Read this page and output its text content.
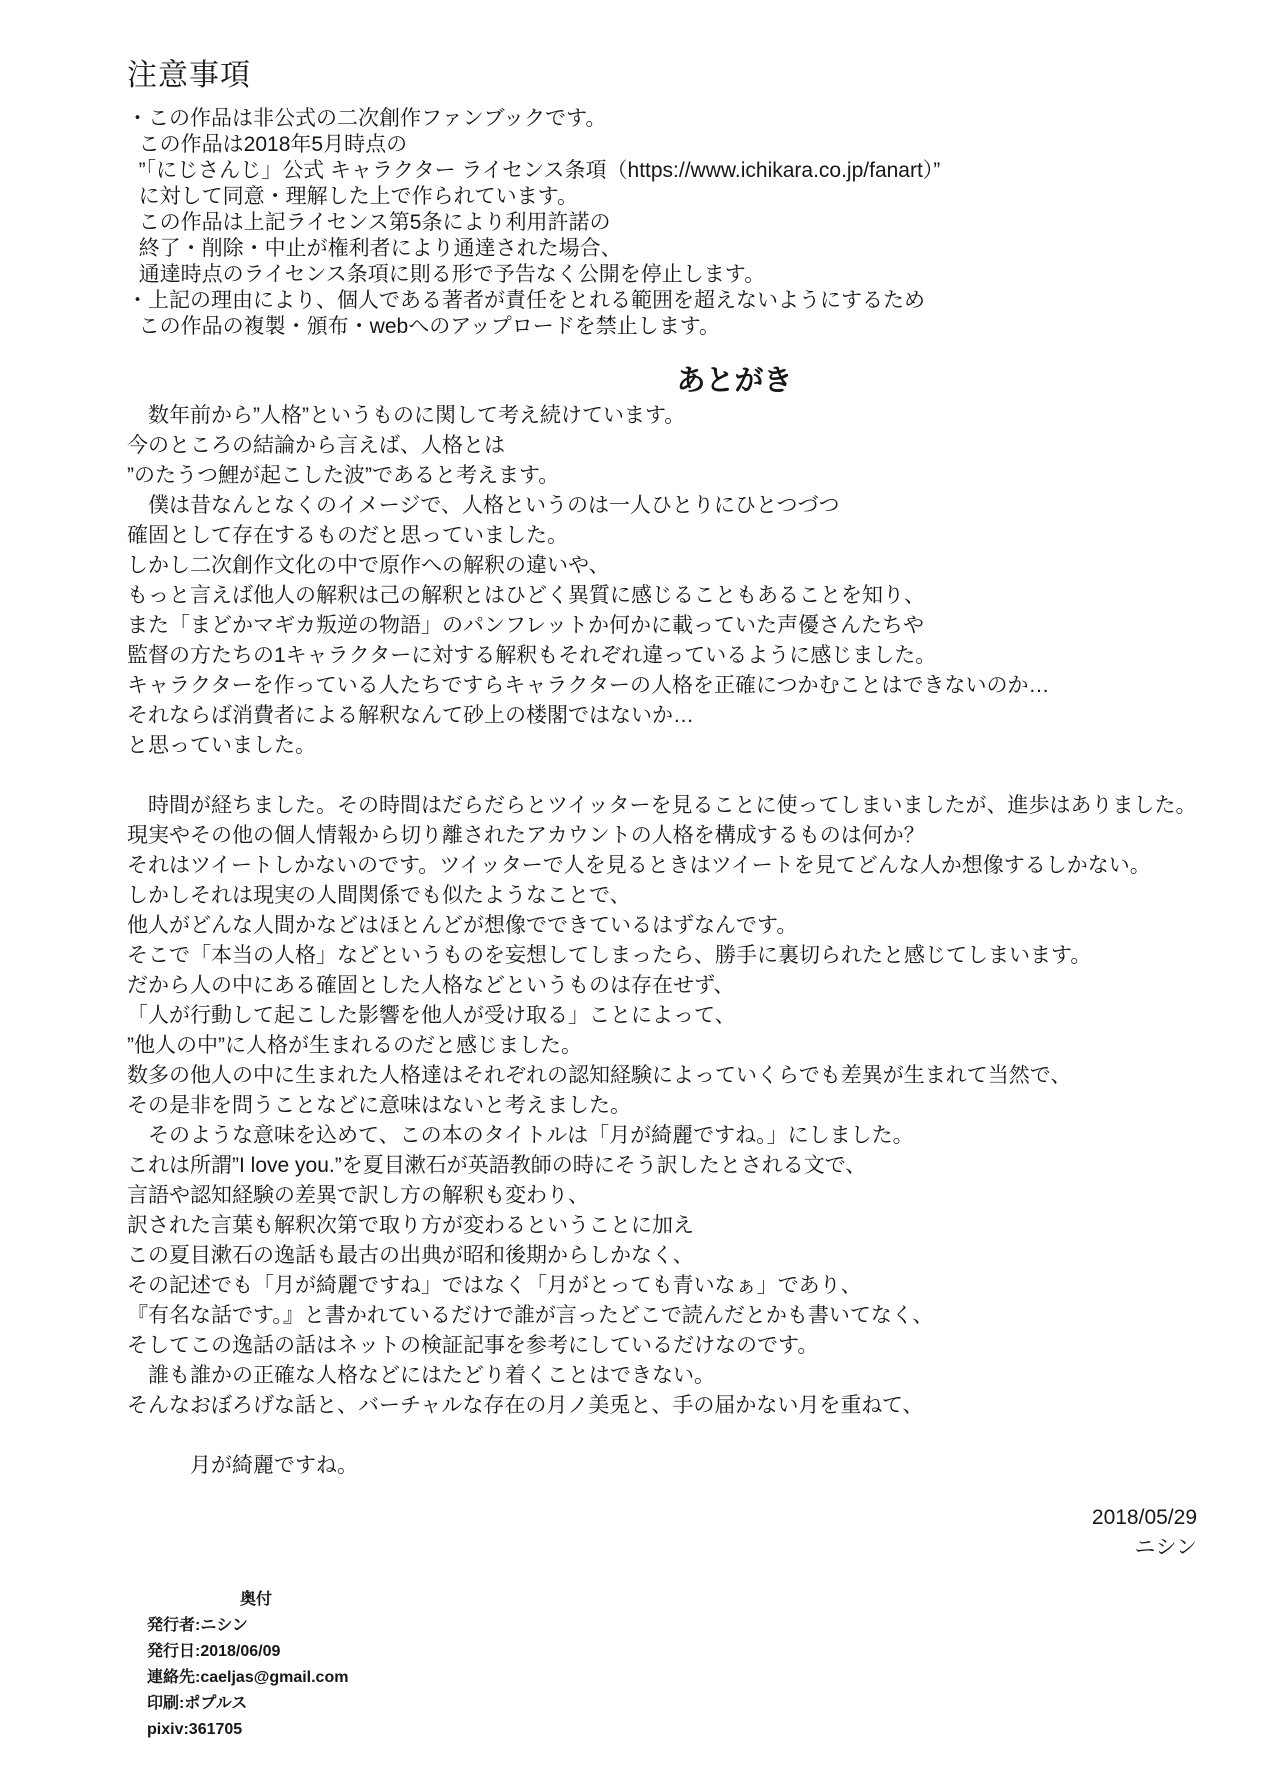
注意事項
・この作品は非公式の二次創作ファンブックです。
この作品は2018年5月時点の
”「にじさんじ」公式 キャラクター ライセンス条項（https://www.ichikara.co.jp/fanart）”
に対して同意・理解した上で作られています。
この作品は上記ライセンス第5条により利用許諾の
終了・削除・中止が権利者により通達された場合、
通達時点のライセンス条項に則る形で予告なく公開を停止します。
・上記の理由により、個人である著者が責任をとれる範囲を超えないようにするため
この作品の複製・頒布・webへのアップロードを禁止します。
あとがき
　数年前から”人格”というものに関して考え続けています。
今のところの結論から言えば、人格とは
”のたうつ鯉が起こした波”であると考えます。
　僕は昔なんとなくのイメージで、人格というのは一人ひとりにひとつづつ
確固として存在するものだと思っていました。
しかし二次創作文化の中で原作への解釈の違いや、
もっと言えば他人の解釈は己の解釈とはひどく異質に感じることもあることを知り、
また「まどかマギカ叛逆の物語」のパンフレットか何かに載っていた声優さんたちや
監督の方たちの1キャラクターに対する解釈もそれぞれ違っているように感じました。
キャラクターを作っている人たちですらキャラクターの人格を正確につかむことはできないのか…
それならば消費者による解釈なんて砂上の楼閣ではないか…
と思っていました。

　時間が経ちました。その時間はだらだらとツイッターを見ることに使ってしまいましたが、進歩はありました。
現実やその他の個人情報から切り離されたアカウントの人格を構成するものは何か？
それはツイートしかないのです。ツイッターで人を見るときはツイートを見てどんな人か想像するしかない。
しかしそれは現実の人間関係でも似たようなことで、
他人がどんな人間かなどはほとんどが想像でできているはずなんです。
そこで「本当の人格」などというものを妄想してしまったら、勝手に裏切られたと感じてしまいます。
だから人の中にある確固とした人格などというものは存在せず、
「人が行動して起こした影響を他人が受け取る」ことによって、
”他人の中”に人格が生まれるのだと感じました。
数多の他人の中に生まれた人格達はそれぞれの認知経験によっていくらでも差異が生まれて当然で、
その是非を問うことなどに意味はないと考えました。
　そのような意味を込めて、この本のタイトルは「月が綺麗ですね。」にしました。
これは所謂”I love you.”を夏目漱石が英語教師の時にそう訳したとされる文で、
言語や認知経験の差異で訳し方の解釈も変わり、
訳された言葉も解釈次第で取り方が変わるということに加え
この夏目漱石の逸話も最古の出典が昭和後期からしかなく、
その記述でも「月が綺麗ですね」ではなく「月がとっても青いなぁ」であり、
『有名な話です。』と書かれているだけで誰が言ったどこで読んだとかも書いてなく、
そしてこの逸話の話はネットの検証記事を参考にしているだけなのです。
　誰も誰かの正確な人格などにはたどり着くことはできない。
そんなおぼろげな話と、バーチャルな存在の月ノ美兎と、手の届かない月を重ねて、

　　　月が綺麗ですね。
2018/05/29
ニシン
奥付
発行者:ニシン
発行日:2018/06/09
連絡先:caeljas@gmail.com
印刷:ポプルス
pixiv:361705
